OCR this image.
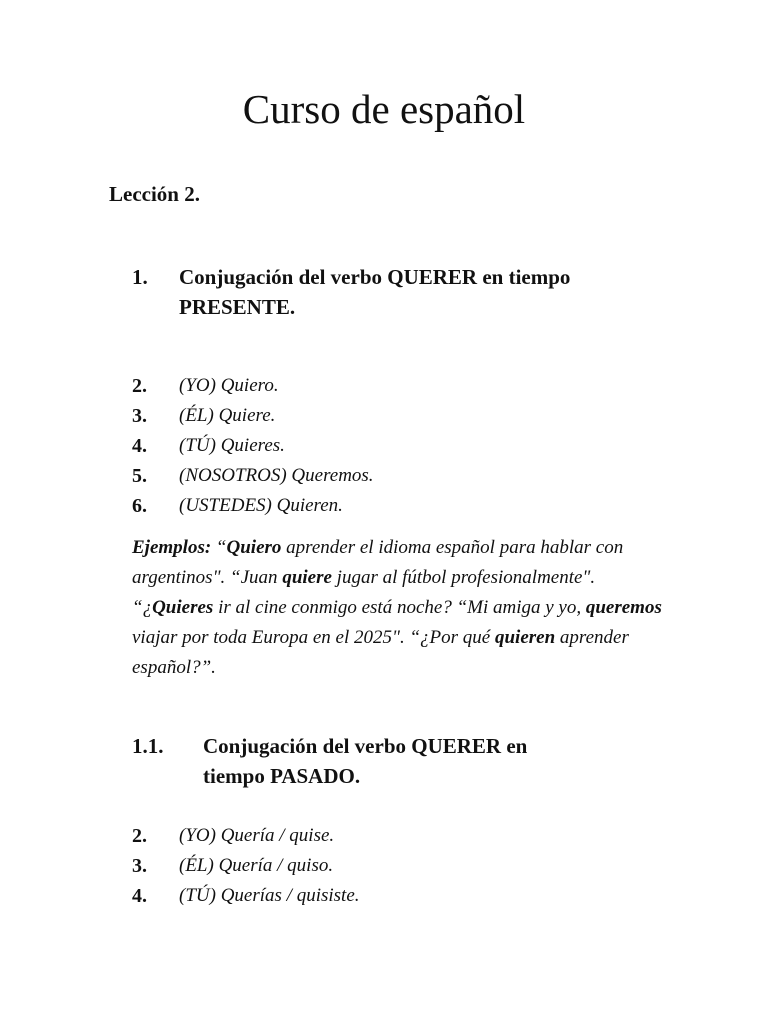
Curso de español

Lección 2.

1. Conjugación del verbo QUERER en tiempo
PRESENTE.
2. (YO) Quiero.
3. (ÉL) Quiere.
4. (TÚ) Quieres.
5. (NOSOTROS) Queremos.
6. (USTEDES) Quieren.

Ejemplos: “Quiero aprender el idioma español para hablar con argentinos". “Juan quiere jugar al fútbol profesionalmente". “¿Quieres ir al cine conmigo está noche? “Mi amiga y yo, queremos viajar por toda Europa en el 2025". “¿Por qué quieren aprender español?”.

1.1. Conjugación del verbo QUERER en
tiempo PASADO.
2. (YO) Quería / quise.
3. (ÉL) Quería / quiso.
4. (TÚ) Querías / quisiste.
